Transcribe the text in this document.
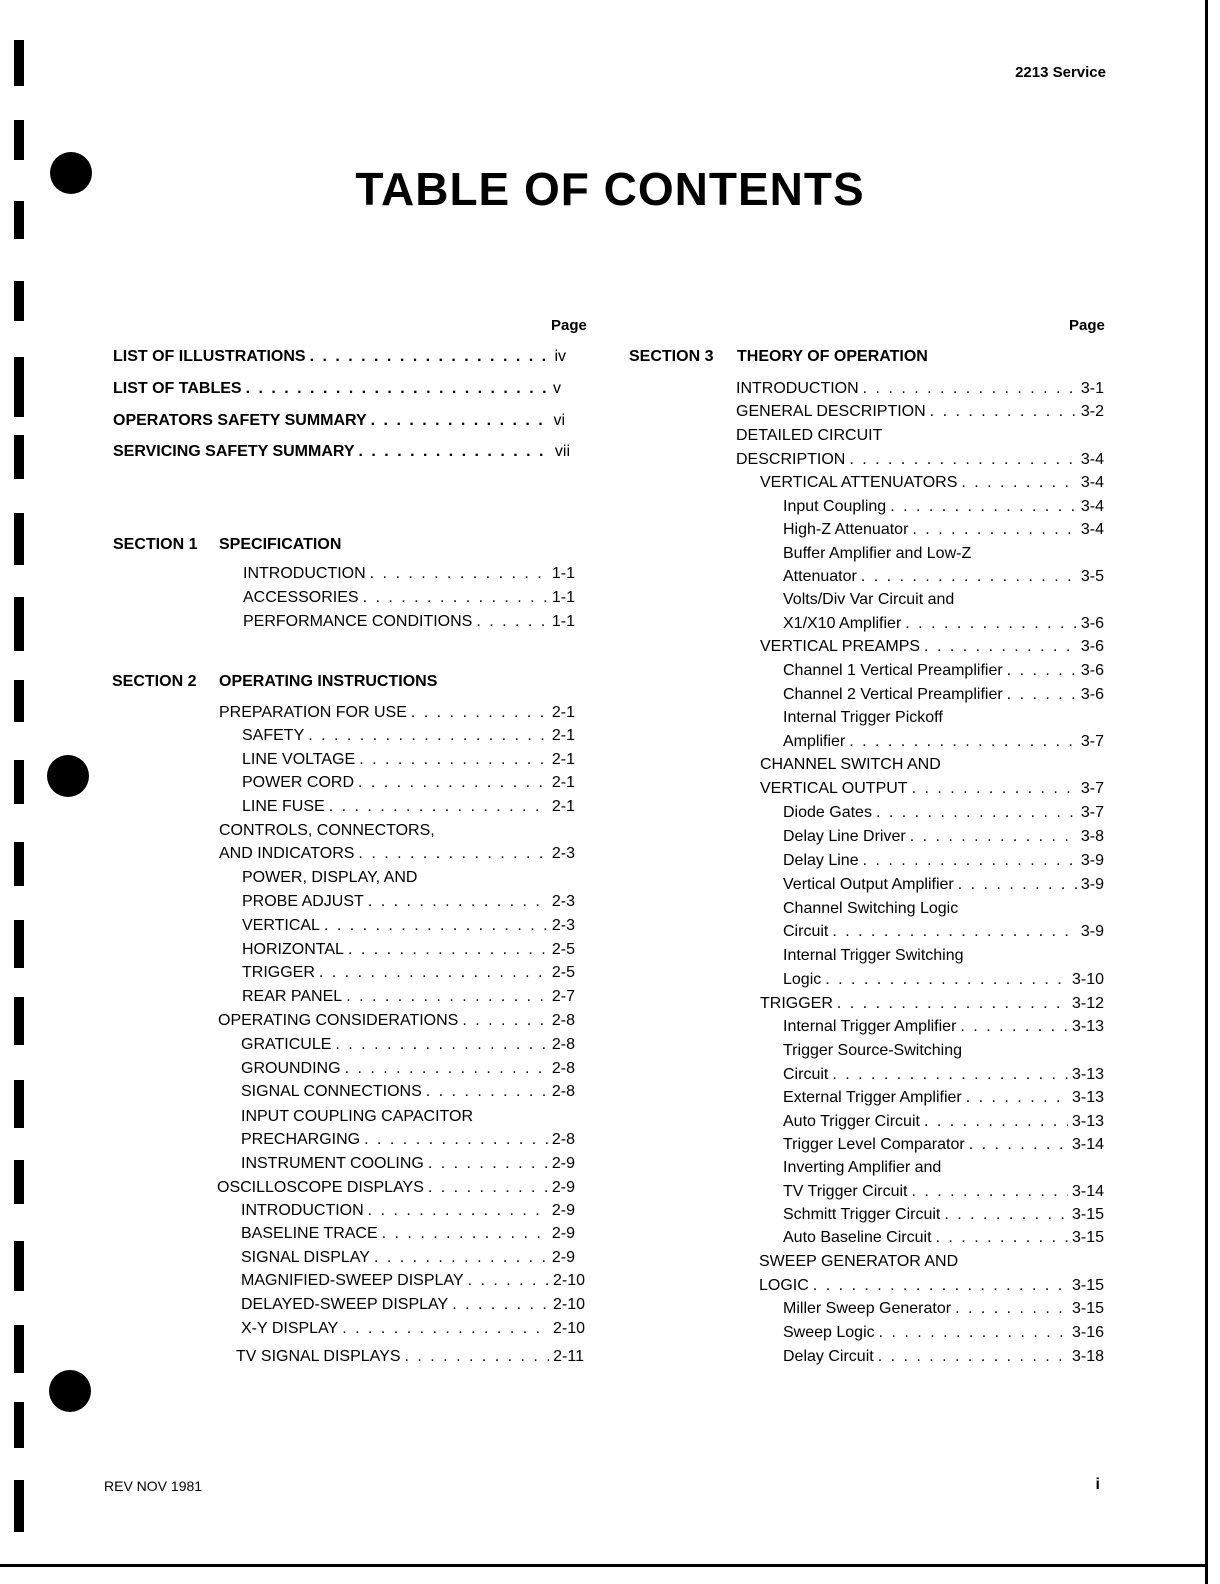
2213 Service
TABLE OF CONTENTS
Page	Page
LIST OF ILLUSTRATIONS . . .	iv
LIST OF TABLES . . .	v
OPERATORS SAFETY SUMMARY . . .	vi
SERVICING SAFETY SUMMARY . . .	vii
SECTION 1 SPECIFICATION
INTRODUCTION . . .	1-1
ACCESSORIES . . .	1-1
PERFORMANCE CONDITIONS . . .	1-1
SECTION 2 OPERATING INSTRUCTIONS
PREPARATION FOR USE . . .	2-1
SAFETY . . .	2-1
LINE VOLTAGE . . .	2-1
POWER CORD . . .	2-1
LINE FUSE . . .	2-1
CONTROLS, CONNECTORS,
AND INDICATORS . . .	2-3
POWER, DISPLAY, AND
PROBE ADJUST . . .	2-3
VERTICAL . . .	2-3
HORIZONTAL . . .	2-5
TRIGGER . . .	2-5
REAR PANEL . . .	2-7
OPERATING CONSIDERATIONS . . .	2-8
GRATICULE . . .	2-8
GROUNDING . . .	2-8
SIGNAL CONNECTIONS . . .	2-8
INPUT COUPLING CAPACITOR
PRECHARGING . . .	2-8
INSTRUMENT COOLING . . .	2-9
OSCILLOSCOPE DISPLAYS . . .	2-9
INTRODUCTION . . .	2-9
BASELINE TRACE . . .	2-9
SIGNAL DISPLAY . . .	2-9
MAGNIFIED-SWEEP DISPLAY . . .	2-10
DELAYED-SWEEP DISPLAY . . .	2-10
X-Y DISPLAY . . .	2-10
TV SIGNAL DISPLAYS . . .	2-11
SECTION 3 THEORY OF OPERATION
INTRODUCTION . . .	3-1
GENERAL DESCRIPTION . . .	3-2
DETAILED CIRCUIT
DESCRIPTION . . .	3-4
VERTICAL ATTENUATORS . . .	3-4
Input Coupling . . .	3-4
High-Z Attenuator . . .	3-4
Buffer Amplifier and Low-Z
Attenuator . . .	3-5
Volts/Div Var Circuit and
X1/X10 Amplifier . . .	3-6
VERTICAL PREAMPS . . .	3-6
Channel 1 Vertical Preamplifier . . .	3-6
Channel 2 Vertical Preamplifier . . .	3-6
Internal Trigger Pickoff
Amplifier . . .	3-7
CHANNEL SWITCH AND
VERTICAL OUTPUT . . .	3-7
Diode Gates . . .	3-7
Delay Line Driver . . .	3-8
Delay Line . . .	3-9
Vertical Output Amplifier . . .	3-9
Channel Switching Logic
Circuit . . .	3-9
Internal Trigger Switching
Logic . . .	3-10
TRIGGER . . .	3-12
Internal Trigger Amplifier . . .	3-13
Trigger Source-Switching
Circuit . . .	3-13
External Trigger Amplifier . . .	3-13
Auto Trigger Circuit . . .	3-13
Trigger Level Comparator . . .	3-14
Inverting Amplifier and
TV Trigger Circuit . . .	3-14
Schmitt Trigger Circuit . . .	3-15
Auto Baseline Circuit . . .	3-15
SWEEP GENERATOR AND
LOGIC . . .	3-15
Miller Sweep Generator . . .	3-15
Sweep Logic . . .	3-16
Delay Circuit . . .	3-18
REV NOV 1981	i
